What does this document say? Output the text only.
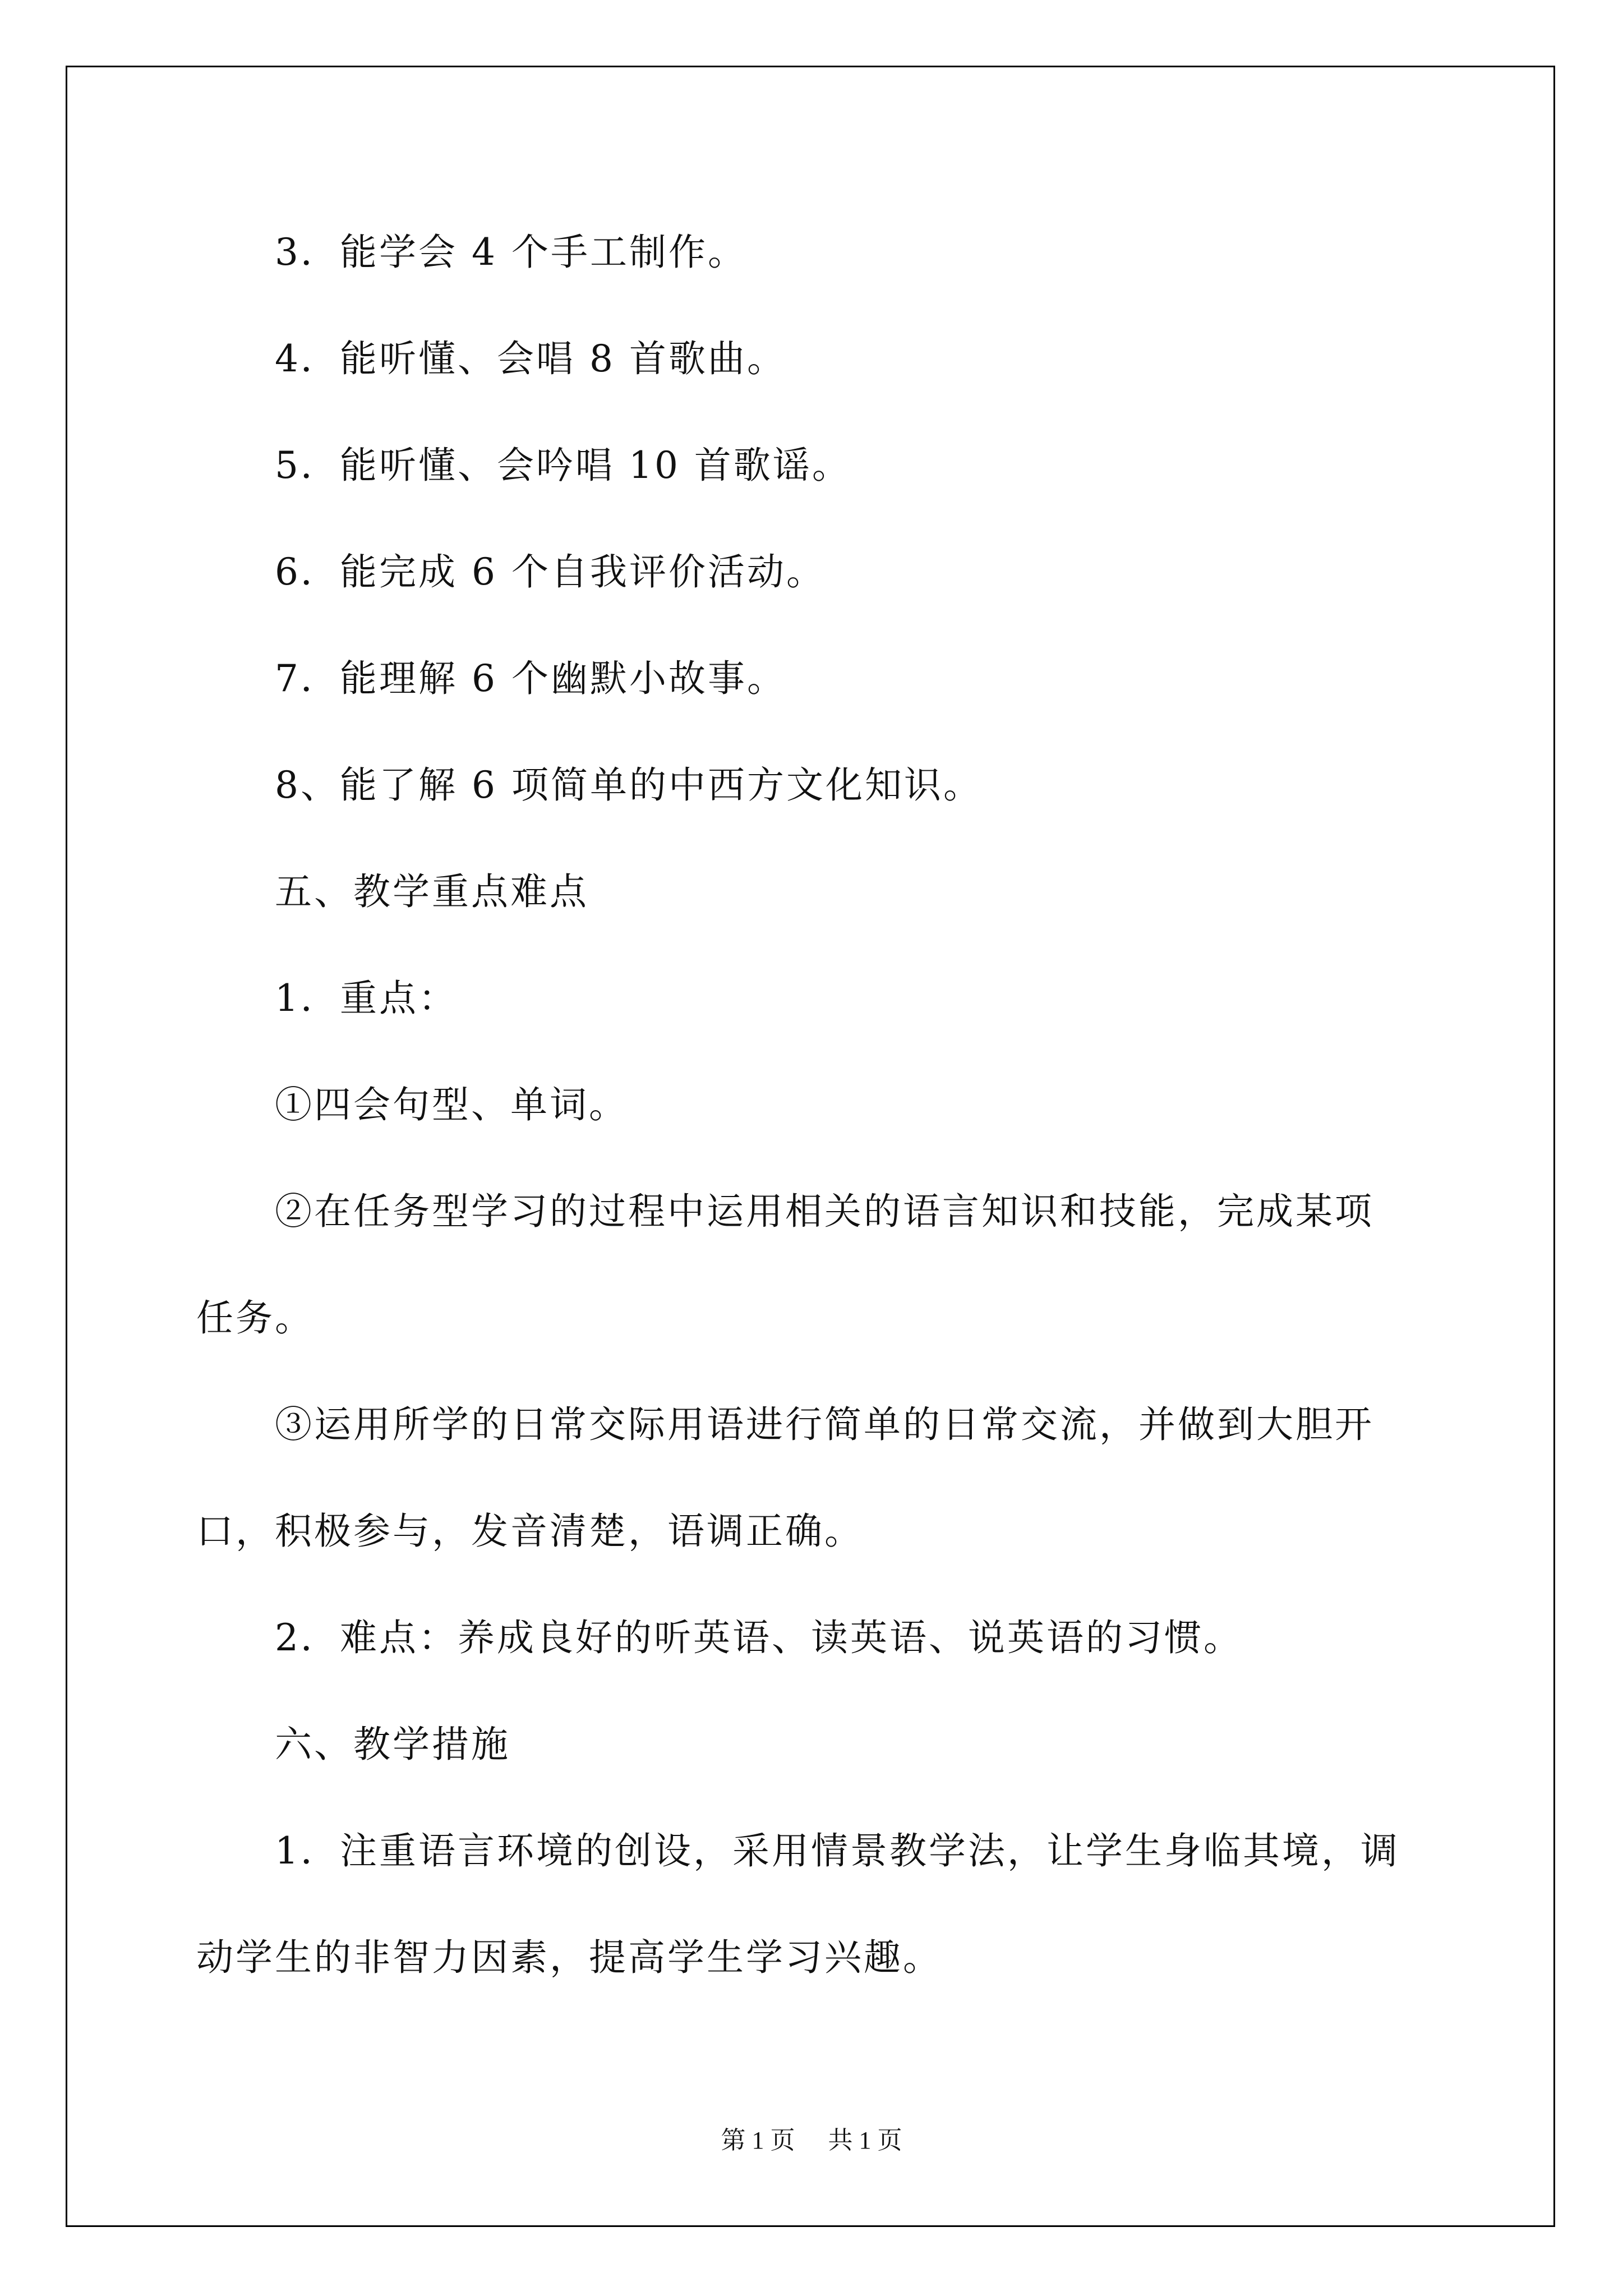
3．能学会 4 个手工制作。

4．能听懂、会唱 8 首歌曲。

5．能听懂、会吟唱 10 首歌谣。

6．能完成 6 个自我评价活动。

7．能理解 6 个幽默小故事。

8、能了解 6 项简单的中西方文化知识。

五、教学重点难点

1．重点：

①四会句型、单词。

②在任务型学习的过程中运用相关的语言知识和技能，完成某项

任务。

③运用所学的日常交际用语进行简单的日常交流，并做到大胆开

口，积极参与，发音清楚，语调正确。

2．难点：养成良好的听英语、读英语、说英语的习惯。

六、教学措施

1．注重语言环境的创设，采用情景教学法，让学生身临其境，调

动学生的非智力因素，提高学生学习兴趣。

第 1 页 共 1 页
